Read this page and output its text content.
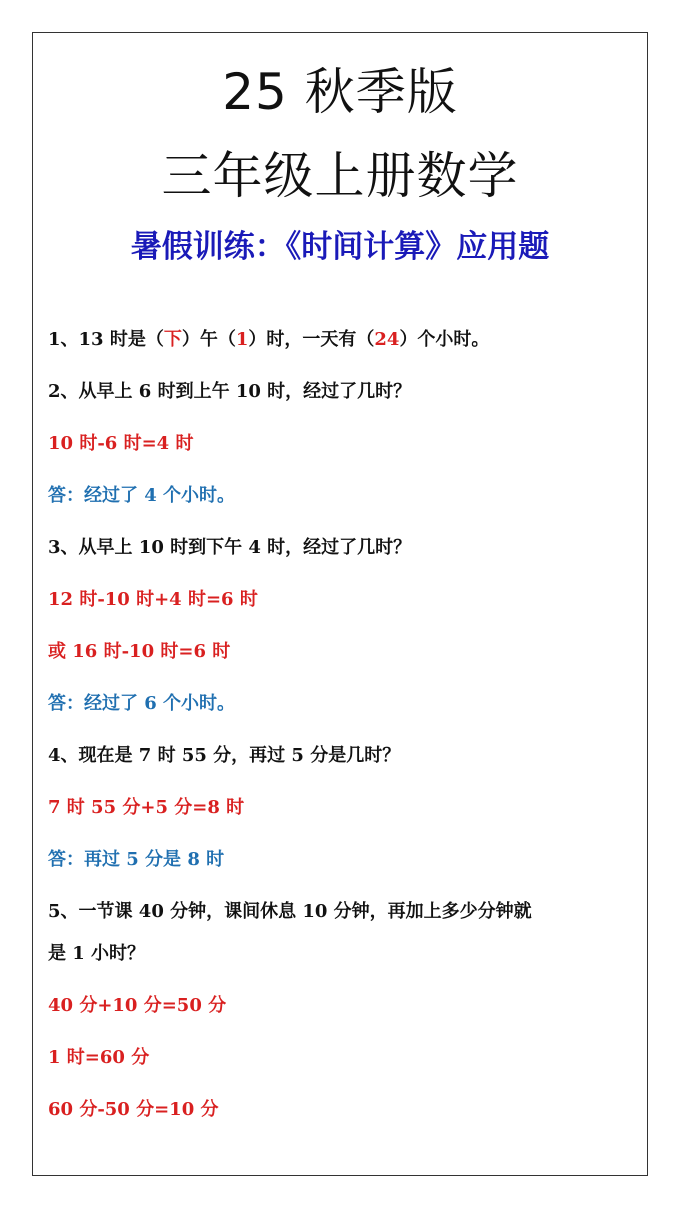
25 秋季版
三年级上册数学
暑假训练：《时间计算》应用题
1、13 时是（下）午（1）时，一天有（24）个小时。
2、从早上 6 时到上午 10 时，经过了几时？
10 时-6 时=4 时
答：经过了 4 个小时。
3、从早上 10 时到下午 4 时，经过了几时？
12 时-10 时+4 时=6 时
或 16 时-10 时=6 时
答：经过了 6 个小时。
4、现在是 7 时 55 分，再过 5 分是几时？
7 时 55 分+5 分=8 时
答：再过 5 分是 8 时
5、一节课 40 分钟，课间休息 10 分钟，再加上多少分钟就
是 1 小时？
40 分+10 分=50 分
1 时=60 分
60 分-50 分=10 分
